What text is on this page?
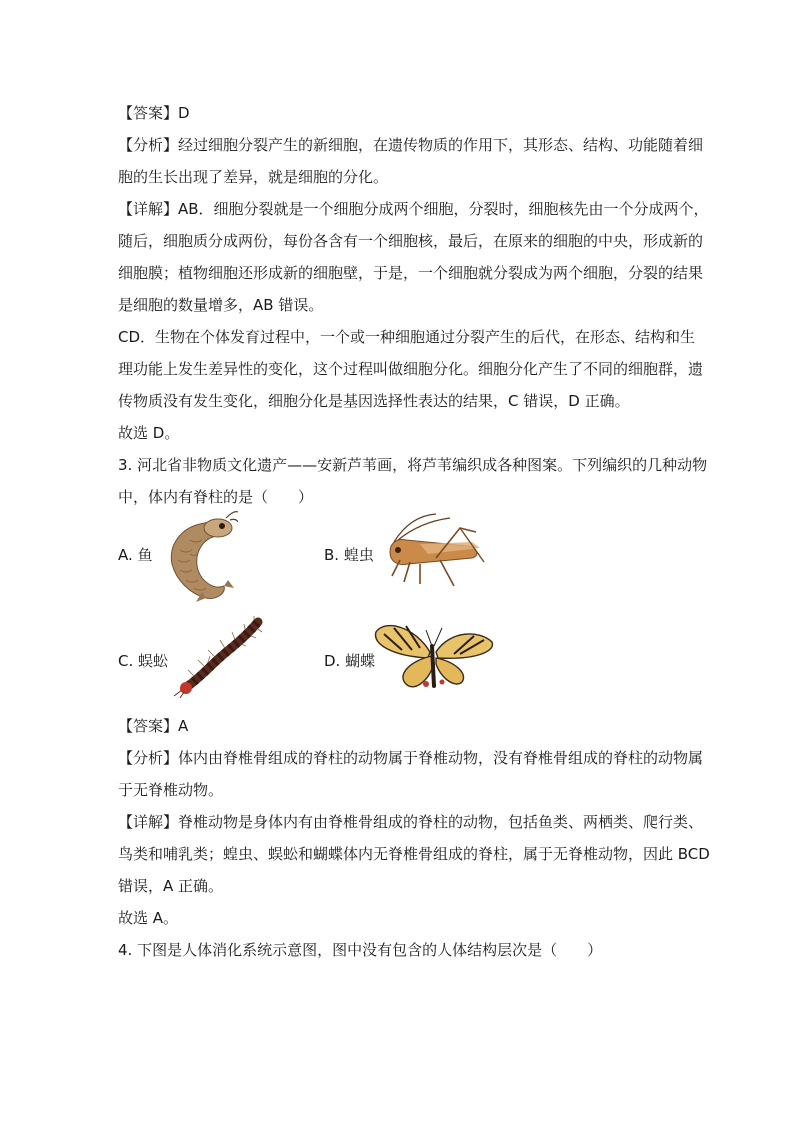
【答案】D
【分析】经过细胞分裂产生的新细胞，在遗传物质的作用下，其形态、结构、功能随着细
胞的生长出现了差异，就是细胞的分化。
【详解】AB．细胞分裂就是一个细胞分成两个细胞，分裂时，细胞核先由一个分成两个，
随后，细胞质分成两份，每份各含有一个细胞核，最后，在原来的细胞的中央，形成新的
细胞膜；植物细胞还形成新的细胞壁，于是，一个细胞就分裂成为两个细胞，分裂的结果
是细胞的数量增多，AB 错误。
CD．生物在个体发育过程中，一个或一种细胞通过分裂产生的后代，在形态、结构和生
理功能上发生差异性的变化，这个过程叫做细胞分化。细胞分化产生了不同的细胞群，遗
传物质没有发生变化，细胞分化是基因选择性表达的结果，C 错误，D 正确。
故选 D。
3. 河北省非物质文化遗产——安新芦苇画，将芦苇编织成各种图案。下列编织的几种动物
中，体内有脊柱的是（　　）
A. 鱼	B. 蝗虫
C. 蜈蚣	D. 蝴蝶
【答案】A
【分析】体内由脊椎骨组成的脊柱的动物属于脊椎动物，没有脊椎骨组成的脊柱的动物属
于无脊椎动物。
【详解】脊椎动物是身体内有由脊椎骨组成的脊柱的动物，包括鱼类、两栖类、爬行类、
鸟类和哺乳类；蝗虫、蜈蚣和蝴蝶体内无脊椎骨组成的脊柱，属于无脊椎动物，因此 BCD
错误，A 正确。
故选 A。
4. 下图是人体消化系统示意图，图中没有包含的人体结构层次是（　　）
